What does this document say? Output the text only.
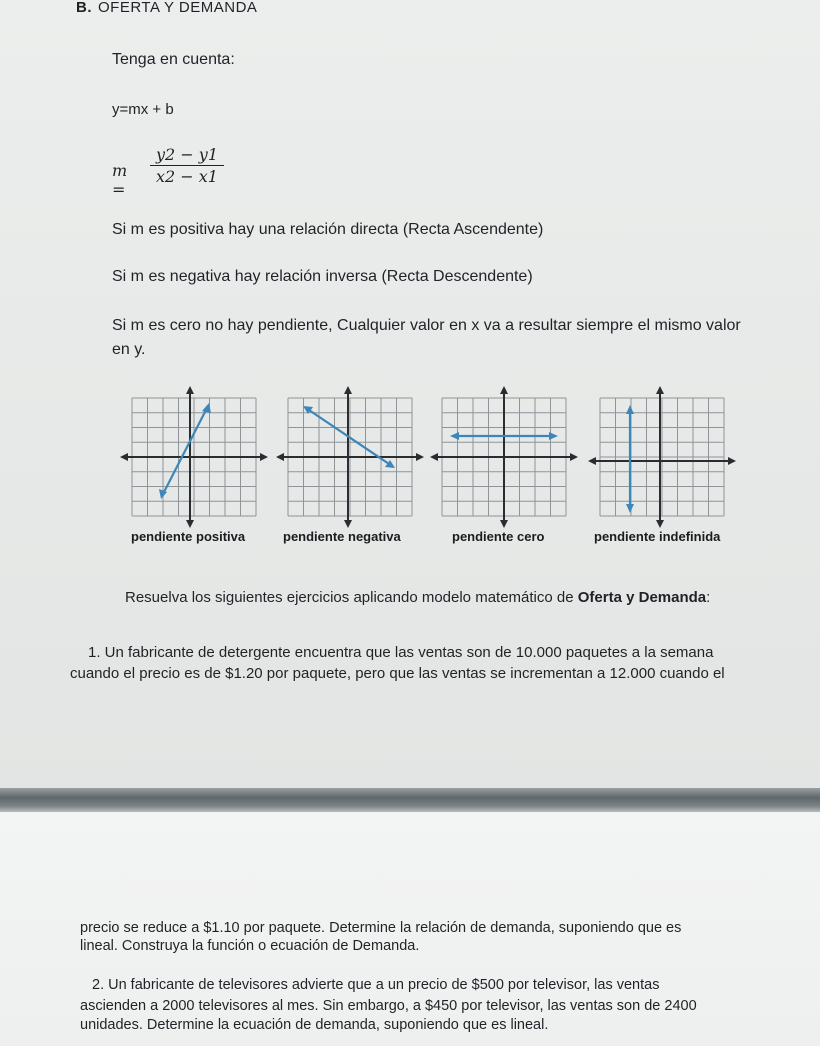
B. OFERTA Y DEMANDA
Tenga en cuenta:
y=mx + b
m =
$\frac{y2 - y1}{x2 - x1}$
Si m es positiva hay una relación directa (Recta Ascendente)
Si m es negativa hay relación inversa (Recta Descendente)
Si m es cero no hay pendiente, Cualquier valor en x va a resultar siempre el mismo valor
en y.
pendiente positiva	pendiente negativa	pendiente cero	pendiente indefinida
Resuelva los siguientes ejercicios aplicando modelo matemático de Oferta y Demanda:
1. Un fabricante de detergente encuentra que las ventas son de 10.000 paquetes a la semana
cuando el precio es de $1.20 por paquete, pero que las ventas se incrementan a 12.000 cuando el
precio se reduce a $1.10 por paquete. Determine la relación de demanda, suponiendo que es
lineal. Construya la función o ecuación de Demanda.
2. Un fabricante de televisores advierte que a un precio de $500 por televisor, las ventas
ascienden a 2000 televisores al mes. Sin embargo, a $450 por televisor, las ventas son de 2400
unidades. Determine la ecuación de demanda, suponiendo que es lineal.
